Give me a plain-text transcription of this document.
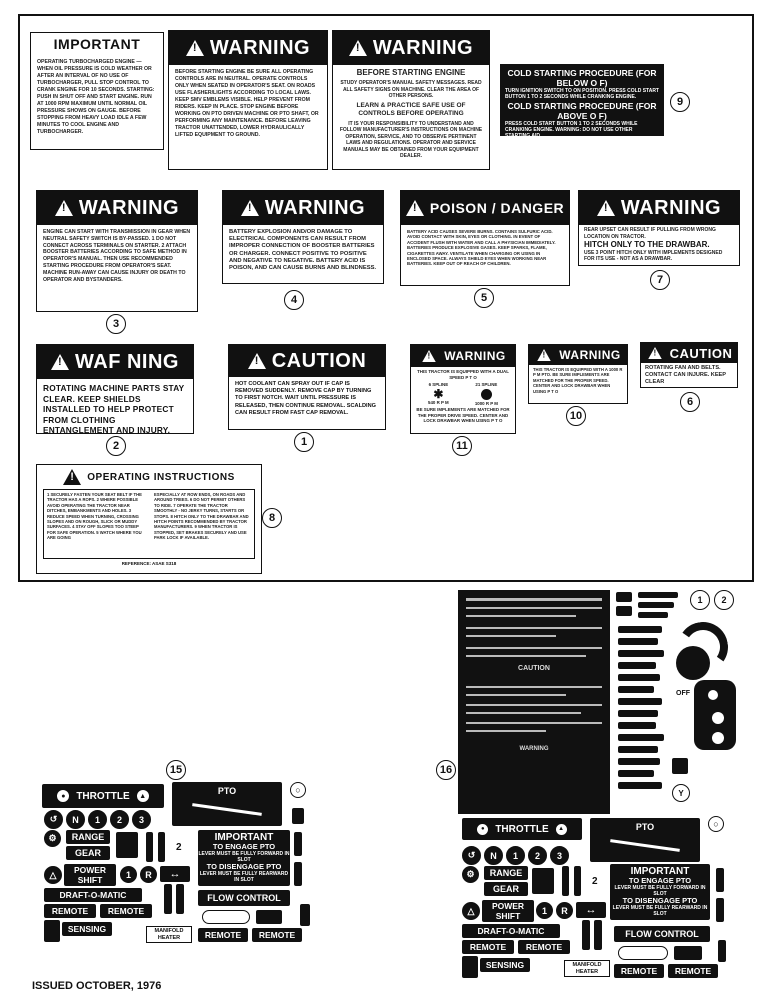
IMPORTANT
OPERATING TURBOCHARGED ENGINE — WHEN OIL PRESSURE IS COLD WEATHER OR AFTER AN INTERVAL OF NO USE OF TURBOCHARGER, PULL STOP CONTROL TO CRANK ENGINE FOR 10 SECONDS. STARTING: PUSH IN SHUT OFF AND START ENGINE. RUN AT 1000 RPM MAXIMUM UNTIL NORMAL OIL PRESSURE SHOWS ON GAUGE. BEFORE STOPPING FROM HEAVY LOAD IDLE A FEW MINUTES TO COOL ENGINE AND TURBOCHARGER.
!
WARNING
BEFORE STARTING ENGINE BE SURE ALL OPERATING CONTROLS ARE IN NEUTRAL. OPERATE CONTROLS ONLY WHEN SEATED IN OPERATOR'S SEAT. ON ROADS USE FLASHER/LIGHTS ACCORDING TO LOCAL LAWS. KEEP SMV EMBLEMS VISIBLE. HELP PREVENT FROM RIDERS. KEEP IN PLACE. STOP ENGINE BEFORE WORKING ON PTO DRIVEN MACHINE OR PTO SHAFT, OR PERFORMING ANY MAINTENANCE. BEFORE LEAVING TRACTOR UNATTENDED, LOWER HYDRAULICALLY LIFTED EQUIPMENT TO GROUND.
!
WARNING
BEFORE STARTING ENGINE
STUDY OPERATOR'S MANUAL SAFETY MESSAGES. READ ALL SAFETY SIGNS ON MACHINE. CLEAR THE AREA OF OTHER PERSONS.
LEARN & PRACTICE SAFE USE OF CONTROLS BEFORE OPERATING
IT IS YOUR RESPONSIBILITY TO UNDERSTAND AND FOLLOW MANUFACTURER'S INSTRUCTIONS ON MACHINE OPERATION, SERVICE, AND TO OBSERVE PERTINENT LAWS AND REGULATIONS. OPERATOR AND SERVICE MANUALS MAY BE OBTAINED FROM YOUR EQUIPMENT DEALER.
COLD STARTING PROCEDURE (FOR BELOW O F)
TURN IGNITION SWITCH TO ON POSITION. PRESS COLD START BUTTON 1 TO 2 SECONDS WHILE CRANKING ENGINE.
COLD STARTING PROCEDURE (FOR ABOVE O F)
PRESS COLD START BUTTON 1 TO 2 SECONDS WHILE CRANKING ENGINE. WARNING: DO NOT USE OTHER STARTING AID.
9
!
WARNING
ENGINE CAN START WITH TRANSMISSION IN GEAR WHEN NEUTRAL SAFETY SWITCH IS BY-PASSED. 1 DO NOT CONNECT ACROSS TERMINALS ON STARTER. 2 ATTACH BOOSTER BATTERIES ACCORDING TO SAFE METHOD IN OPERATOR'S MANUAL. THEN USE RECOMMENDED STARTING PROCEDURE FROM OPERATOR'S SEAT. MACHINE RUN-AWAY CAN CAUSE INJURY OR DEATH TO OPERATOR AND BYSTANDERS.
3
!
WARNING
BATTERY EXPLOSION AND/OR DAMAGE TO ELECTRICAL COMPONENTS CAN RESULT FROM IMPROPER CONNECTION OF BOOSTER BATTERIES OR CHARGER. CONNECT POSITIVE TO POSITIVE AND NEGATIVE TO NEGATIVE. BATTERY ACID IS POISON, AND CAN CAUSE BURNS AND BLINDNESS.
4
!
POISON / DANGER
BATTERY ACID CAUSES SEVERE BURNS. CONTAINS SULFURIC ACID. AVOID CONTACT WITH SKIN, EYES OR CLOTHING. IN EVENT OF ACCIDENT FLUSH WITH WATER AND CALL A PHYSICIAN IMMEDIATELY. BATTERIES PRODUCE EXPLOSIVE GASES. KEEP SPARKS, FLAME, CIGARETTES AWAY. VENTILATE WHEN CHARGING OR USING IN ENCLOSED SPACE. ALWAYS SHIELD EYES WHEN WORKING NEAR BATTERIES. KEEP OUT OF REACH OF CHILDREN.
5
!
WARNING
REAR UPSET CAN RESULT IF PULLING FROM WRONG LOCATION ON TRACTOR.
HITCH ONLY TO THE DRAWBAR.
USE 3 POINT HITCH ONLY WITH IMPLEMENTS DESIGNED FOR ITS USE - NOT AS A DRAWBAR.
7
!
WAF NING
ROTATING MACHINE PARTS STAY CLEAR. KEEP SHIELDS INSTALLED TO HELP PROTECT FROM CLOTHING ENTANGLEMENT AND INJURY.
2
!
CAUTION
HOT COOLANT CAN SPRAY OUT IF CAP IS REMOVED SUDDENLY. REMOVE CAP BY TURNING TO FIRST NOTCH. WAIT UNTIL PRESSURE IS RELEASED, THEN CONTINUE REMOVAL. SCALDING CAN RESULT FROM FAST CAP REMOVAL.
1
!
WARNING
THIS TRACTOR IS EQUIPPED WITH A DUAL SPEED P T O
6 SPLINE
✱
540 R P M
21 SPLINE
1000 R P M
BE SURE IMPLEMENTS ARE MATCHED FOR THE PROPER DRIVE SPEED. CENTER AND LOCK DRAWBAR WHEN USING P T O
11
!
WARNING
THIS TRACTOR IS EQUIPPED WITH A 1000 R P M PTO. BE SURE IMPLEMENTS ARE MATCHED FOR THE PROPER SPEED. CENTER AND LOCK DRAWBAR WHEN USING P T O
10
!
CAUTION
ROTATING FAN AND BELTS. CONTACT CAN INJURE. KEEP CLEAR
6
!
OPERATING INSTRUCTIONS
1 SECURELY FASTEN YOUR SEAT BELT IF THE TRACTOR HAS A ROPS. 2 WHERE POSSIBLE AVOID OPERATING THE TRACTOR NEAR DITCHES, EMBANKMENTS AND HOLES. 3 REDUCE SPEED WHEN TURNING, CROSSING SLOPES AND ON ROUGH, SLICK OR MUDDY SURFACES. 4 STAY OFF SLOPES TOO STEEP FOR SAFE OPERATION. 5 WATCH WHERE YOU ARE GOING
ESPECIALLY AT ROW ENDS, ON ROADS AND AROUND TREES. 6 DO NOT PERMIT OTHERS TO RIDE. 7 OPERATE THE TRACTOR SMOOTHLY - NO JERKY TURNS, STARTS OR STOPS. 8 HITCH ONLY TO THE DRAWBAR AND HITCH POINTS RECOMMENDED BY TRACTOR MANUFACTURERS. 9 WHEN TRACTOR IS STOPPED, SET BRAKES SECURELY AND USE PARK LOCK IF AVAILABLE.
REFERENCE: ASAE S318
8
15
●	THROTTLE	▲	PTO	○
↺	N	1	2	3
⚙	RANGE
GEAR	2
IMPORTANT
TO ENGAGE PTO
LEVER MUST BE FULLY FORWARD IN SLOT
TO DISENGAGE PTO
LEVER MUST BE FULLY REARWARD IN SLOT
△	POWER SHIFT
1	R	↔
DRAFT-O-MATIC
REMOTE	REMOTE
SENSING
FLOW CONTROL
REMOTE	REMOTE
MANIFOLD HEATER
16
CAUTION
WARNING
1	2
OFF
Y
●	THROTTLE	▲	PTO	○
↺	N	1	2	3
⚙	RANGE
GEAR
2
IMPORTANT
TO ENGAGE PTO
LEVER MUST BE FULLY FORWARD IN SLOT
TO DISENGAGE PTO
LEVER MUST BE FULLY REARWARD IN SLOT
△	POWER SHIFT
1	R	↔
DRAFT-O-MATIC
REMOTE	REMOTE
SENSING
FLOW CONTROL
REMOTE	REMOTE
MANIFOLD HEATER
ISSUED OCTOBER, 1976
